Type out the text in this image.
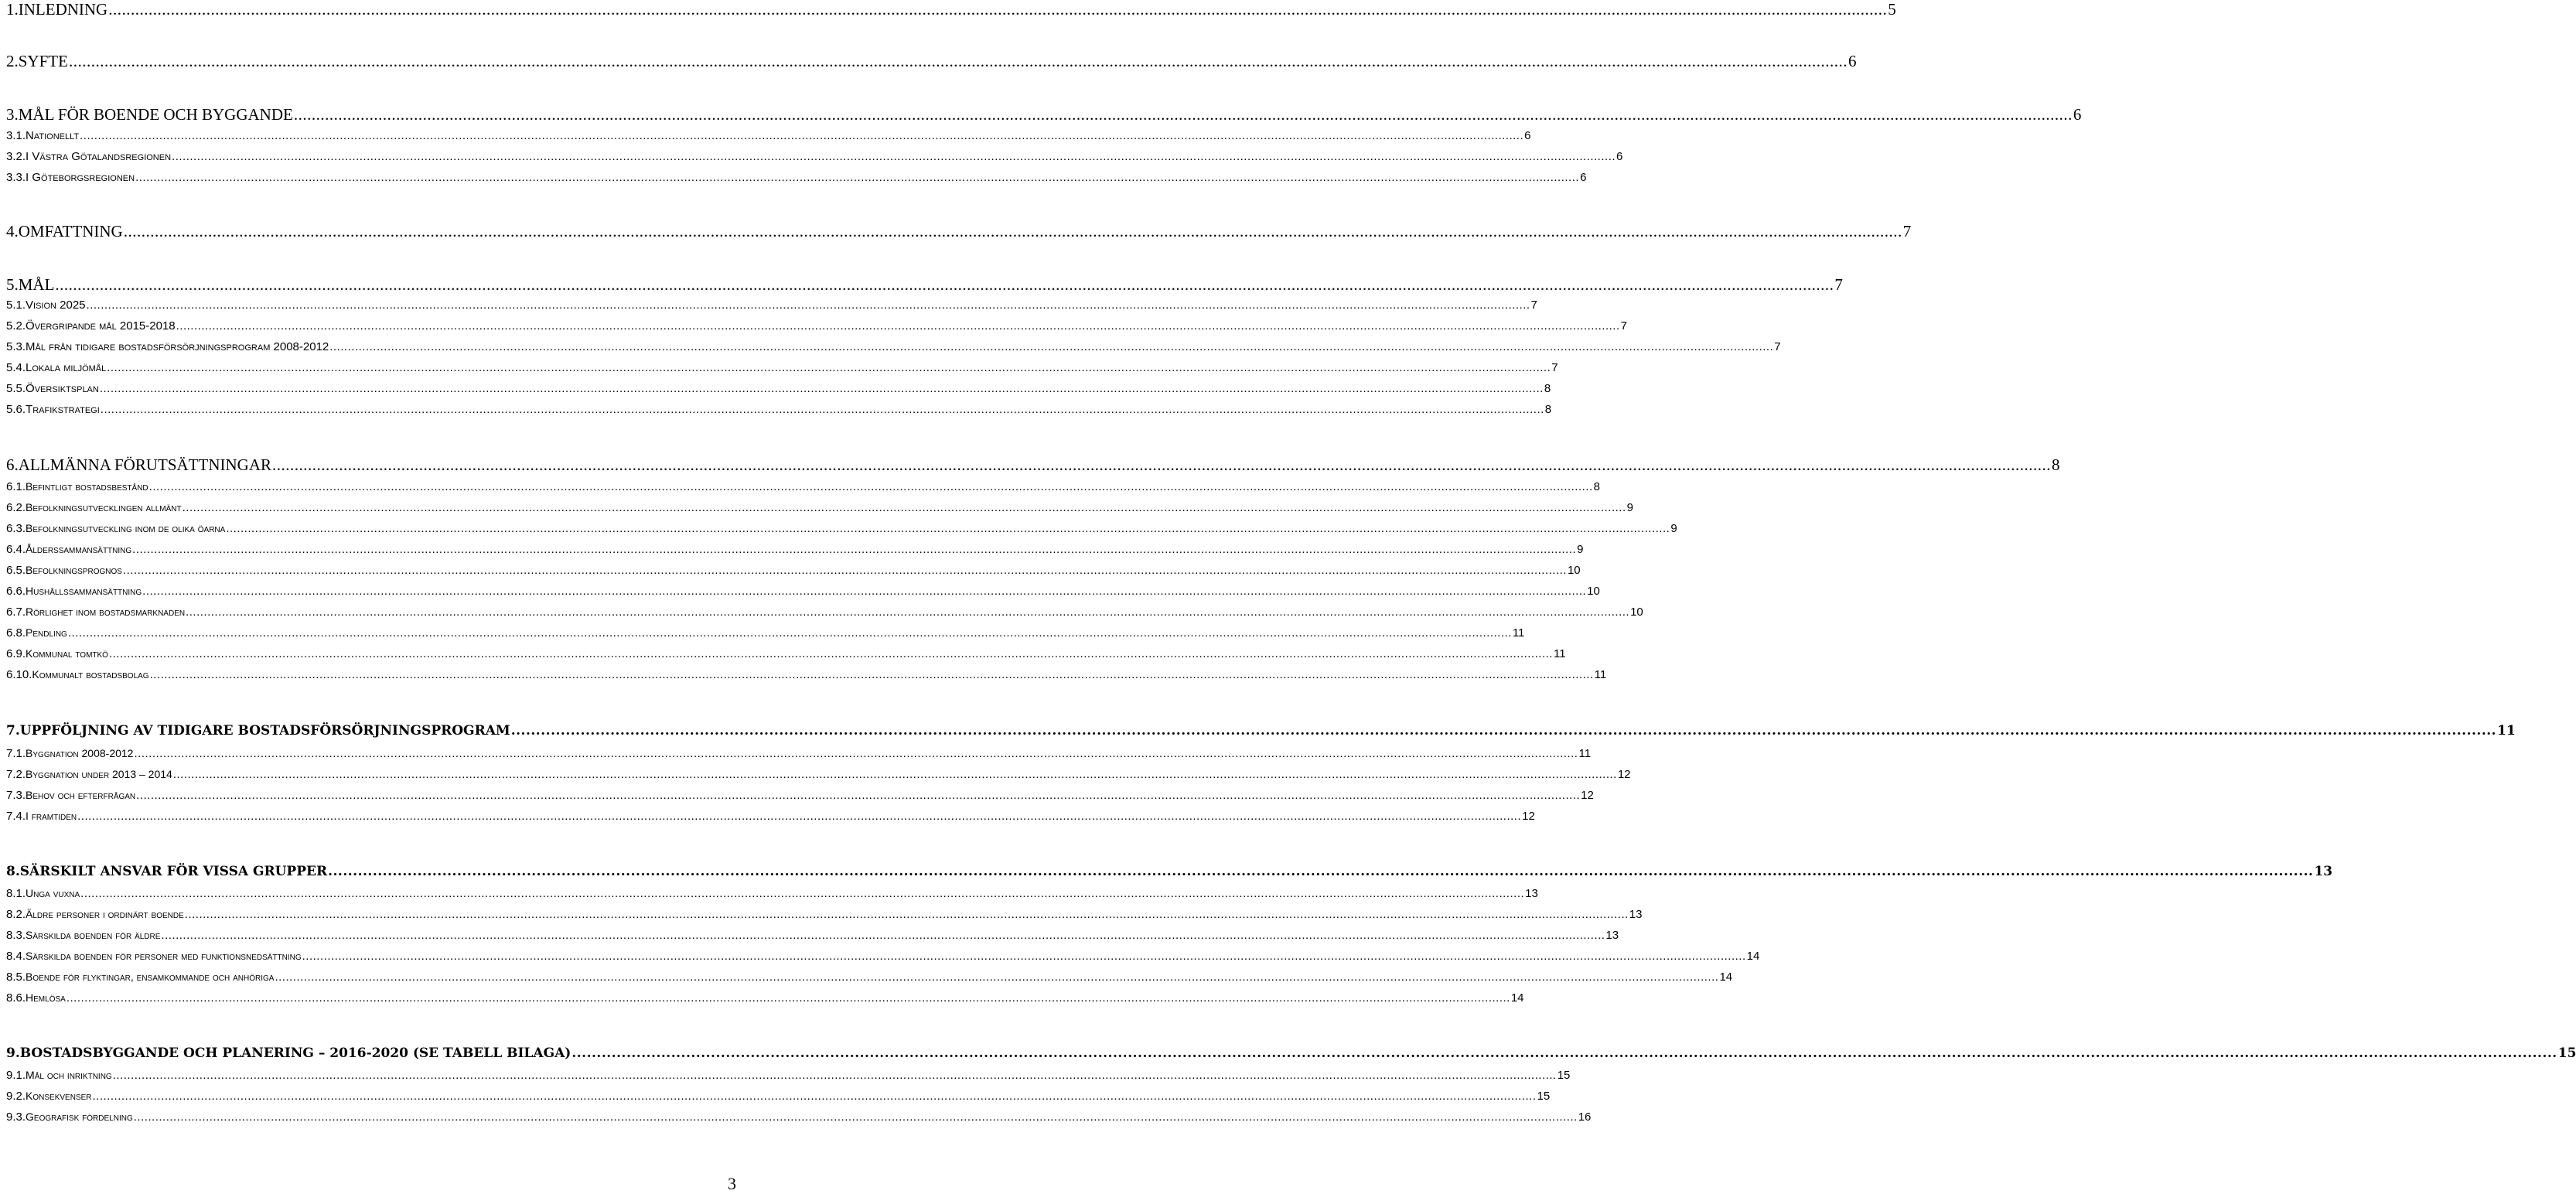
1. INLEDNING ................................................................................................................................................................................................................................................................................................................................................................................................................ 5
2. SYFTE ................................................................................................................................................................................................................................................................................................................................................................................................................ 6
3. MÅL FÖR BOENDE OCH BYGGANDE ................................................................................................................................................................................................................................................................................................................................................................................................................ 6
3.1. Nationellt ................................................................................................................................................................................................................................................................................................................................................................................................................ 6
3.2. I Västra Götalandsregionen ................................................................................................................................................................................................................................................................................................................................................................................................................ 6
3.3. I Göteborgsregionen ................................................................................................................................................................................................................................................................................................................................................................................................................ 6
4. OMFATTNING ................................................................................................................................................................................................................................................................................................................................................................................................................ 7
5. MÅL ................................................................................................................................................................................................................................................................................................................................................................................................................ 7
5.1. Vision 2025 ................................................................................................................................................................................................................................................................................................................................................................................................................ 7
5.2. Övergripande mål 2015-2018 ................................................................................................................................................................................................................................................................................................................................................................................................................ 7
5.3. Mål från tidigare bostadsförsörjningsprogram 2008-2012 ................................................................................................................................................................................................................................................................................................................................................................................................................ 7
5.4. Lokala miljömål ................................................................................................................................................................................................................................................................................................................................................................................................................ 7
5.5. Översiktsplan ................................................................................................................................................................................................................................................................................................................................................................................................................ 8
5.6. Trafikstrategi ................................................................................................................................................................................................................................................................................................................................................................................................................ 8
6. ALLMÄNNA FÖRUTSÄTTNINGAR ................................................................................................................................................................................................................................................................................................................................................................................................................ 8
6.1. Befintligt bostadsbestånd ................................................................................................................................................................................................................................................................................................................................................................................................................ 8
6.2. Befolkningsutvecklingen allmänt ................................................................................................................................................................................................................................................................................................................................................................................................................ 9
6.3. Befolkningsutveckling inom de olika öarna ................................................................................................................................................................................................................................................................................................................................................................................................................ 9
6.4. Ålderssammansättning ................................................................................................................................................................................................................................................................................................................................................................................................................ 9
6.5. Befolkningsprognos ................................................................................................................................................................................................................................................................................................................................................................................................................ 10
6.6. Hushållssammansättning ................................................................................................................................................................................................................................................................................................................................................................................................................ 10
6.7. Rörlighet inom bostadsmarknaden ................................................................................................................................................................................................................................................................................................................................................................................................................ 10
6.8. Pendling ................................................................................................................................................................................................................................................................................................................................................................................................................ 11
6.9. Kommunal tomtkö ................................................................................................................................................................................................................................................................................................................................................................................................................ 11
6.10. Kommunalt bostadsbolag ................................................................................................................................................................................................................................................................................................................................................................................................................ 11
7. UPPFÖLJNING AV TIDIGARE BOSTADSFÖRSÖRJNINGSPROGRAM ................................................................................................................................................................................................................................................................................................................................................................................................................ 11
7.1. Byggnation 2008-2012 ................................................................................................................................................................................................................................................................................................................................................................................................................ 11
7.2. Byggnation under 2013 – 2014 ................................................................................................................................................................................................................................................................................................................................................................................................................ 12
7.3. Behov och efterfrågan ................................................................................................................................................................................................................................................................................................................................................................................................................ 12
7.4. I framtiden ................................................................................................................................................................................................................................................................................................................................................................................................................ 12
8. SÄRSKILT ANSVAR FÖR VISSA GRUPPER ................................................................................................................................................................................................................................................................................................................................................................................................................ 13
8.1. Unga vuxna ................................................................................................................................................................................................................................................................................................................................................................................................................ 13
8.2. Äldre personer i ordinärt boende ................................................................................................................................................................................................................................................................................................................................................................................................................ 13
8.3. Särskilda boenden för äldre ................................................................................................................................................................................................................................................................................................................................................................................................................ 13
8.4. Särskilda boenden för personer med funktionsnedsättning ................................................................................................................................................................................................................................................................................................................................................................................................................ 14
8.5. Boende för flyktingar, ensamkommande och anhöriga ................................................................................................................................................................................................................................................................................................................................................................................................................ 14
8.6. Hemlösa ................................................................................................................................................................................................................................................................................................................................................................................................................ 14
9. BOSTADSBYGGANDE OCH PLANERING – 2016-2020 (SE TABELL BILAGA) ................................................................................................................................................................................................................................................................................................................................................................................................................ 15
9.1. Mål och inriktning ................................................................................................................................................................................................................................................................................................................................................................................................................ 15
9.2. Konsekvenser ................................................................................................................................................................................................................................................................................................................................................................................................................ 15
9.3. Geografisk fördelning ................................................................................................................................................................................................................................................................................................................................................................................................................ 16
3
